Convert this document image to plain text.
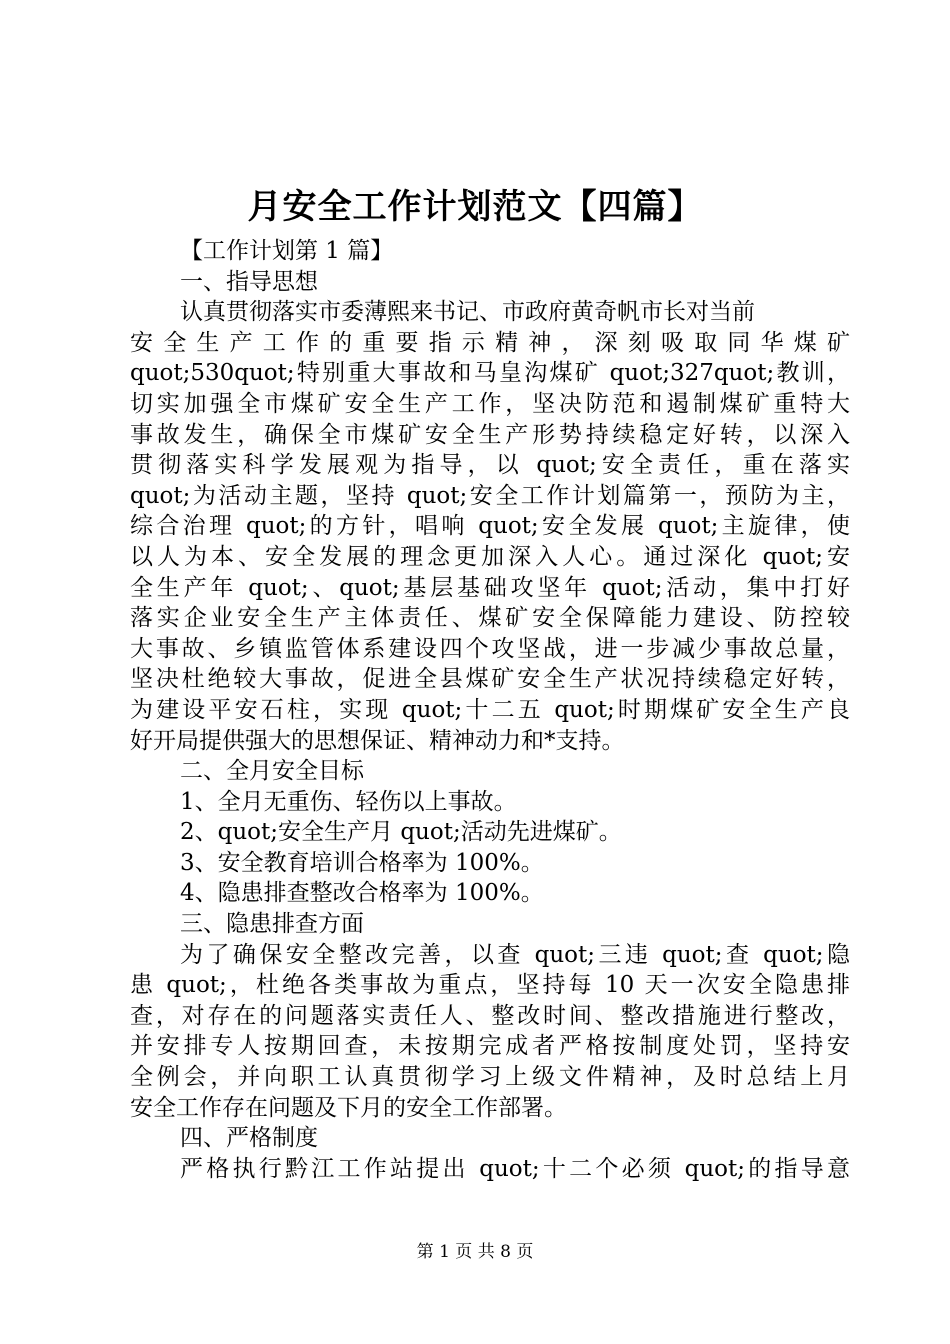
月安全工作计划范文【四篇】
【工作计划第 1 篇】
一、指导思想
认真贯彻落实市委薄熙来书记、市政府黄奇帆市长对当前
安 全 生 产 工 作 的 重 要 指 示 精 神 ， 深 刻 吸 取 同 华 煤 矿
quot;530quot;特别重大事故和马皇沟煤矿 quot;327quot;教训，
切实加强全市煤矿安全生产工作，坚决防范和遏制煤矿重特大
事故发生，确保全市煤矿安全生产形势持续稳定好转，以深入
贯彻落实科学发展观为指导，以 quot;安全责任，重在落实
quot;为活动主题，坚持 quot;安全工作计划篇第一，预防为主，
综合治理 quot;的方针，唱响 quot;安全发展 quot;主旋律，使
以人为本、安全发展的理念更加深入人心。通过深化 quot;安
全生产年 quot;、quot;基层基础攻坚年 quot;活动，集中打好
落实企业安全生产主体责任、煤矿安全保障能力建设、防控较
大事故、乡镇监管体系建设四个攻坚战，进一步减少事故总量，
坚决杜绝较大事故，促进全县煤矿安全生产状况持续稳定好转，
为建设平安石柱，实现 quot;十二五 quot;时期煤矿安全生产良
好开局提供强大的思想保证、精神动力和*支持。
二、全月安全目标
1、全月无重伤、轻伤以上事故。
2、quot;安全生产月 quot;活动先进煤矿。
3、安全教育培训合格率为 100%。
4、隐患排查整改合格率为 100%。
三、隐患排查方面
为了确保安全整改完善，以查 quot;三违 quot;查 quot;隐
患 quot;，杜绝各类事故为重点，坚持每 10 天一次安全隐患排
查，对存在的问题落实责任人、整改时间、整改措施进行整改，
并安排专人按期回查，未按期完成者严格按制度处罚，坚持安
全例会，并向职工认真贯彻学习上级文件精神，及时总结上月
安全工作存在问题及下月的安全工作部署。
四、严格制度
严格执行黔江工作站提出 quot;十二个必须 quot;的指导意
第 1 页 共 8 页
